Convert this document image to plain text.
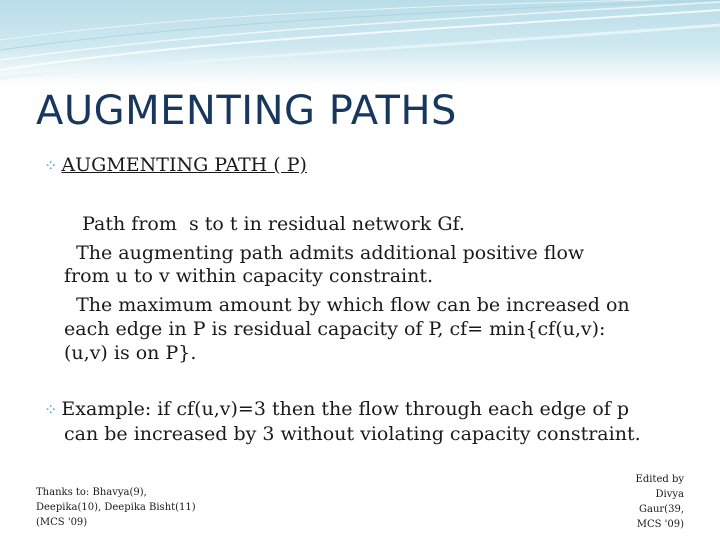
AUGMENTING PATHS
⁘ AUGMENTING PATH ( P)
Path from  s to t in residual network Gf.
The augmenting path admits additional positive flow
from u to v within capacity constraint.
The maximum amount by which flow can be increased on
each edge in P is residual capacity of P, cf= min{cf(u,v):
(u,v) is on P}.
⁘ Example: if cf(u,v)=3 then the flow through each edge of p
can be increased by 3 without violating capacity constraint.
Thanks to: Bhavya(9),
Deepika(10), Deepika Bisht(11)
(MCS '09)
Edited by
Divya
Gaur(39,
MCS '09)
